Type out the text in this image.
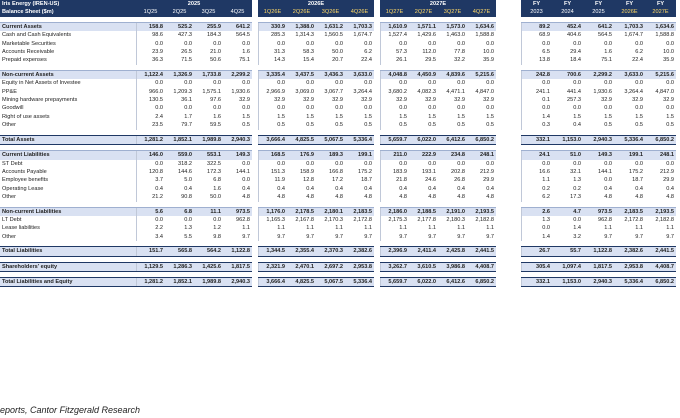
Iris Energy (IREN-US)	2025					2026E					2027E					FY	FY	FY	FY	FY
Balance Sheet ($m)	1Q25	2Q25	3Q25	4Q25		1Q26E	2Q26E	3Q26E	4Q26E		1Q27E	2Q27E	3Q27E	4Q27E		2023	2024	2025	2026E	2027E

Current Assets	158.8	525.2	255.9	641.2		330.9	1,388.0	1,631.2	1,703.3		1,610.9	1,571.1	1,573.0	1,634.6		89.2	452.4	641.2	1,703.3	1,634.6
Cash and Cash Equivalents	98.6	427.3	184.3	564.5		285.3	1,314.3	1,560.5	1,674.7		1,527.4	1,429.6	1,463.0	1,588.8		68.9	404.6	564.5	1,674.7	1,588.8
Marketable Securities	0.0	0.0	0.0	0.0		0.0	0.0	0.0	0.0		0.0	0.0	0.0	0.0		0.0	0.0	0.0	0.0	0.0
Accounts Receivable	23.9	26.5	21.0	1.6		31.3	58.3	50.0	6.2		57.3	112.0	77.8	10.0		6.5	29.4	1.6	6.2	10.0
Prepaid expenses	36.3	71.5	50.6	75.1		14.3	15.4	20.7	22.4		26.1	29.5	32.2	35.9		13.8	18.4	75.1	22.4	35.9

Non-current Assets	1,122.4	1,326.9	1,733.8	2,299.2		3,335.4	3,437.5	3,436.3	3,633.0		4,048.8	4,450.9	4,839.6	5,215.6		242.8	700.6	2,299.2	3,633.0	5,215.6
Equity in Net Assets of Investee	0.0	0.0	0.0	0.0		0.0	0.0	0.0	0.0		0.0	0.0	0.0	0.0		0.0	0.0	0.0	0.0	0.0
PP&E	966.0	1,209.3	1,575.1	1,930.6		2,966.9	3,069.0	3,067.7	3,264.4		3,680.2	4,082.3	4,471.1	4,847.0		241.1	441.4	1,930.6	3,264.4	4,847.0
Mining hardware prepayments	130.5	36.1	97.6	32.9		32.9	32.9	32.9	32.9		32.9	32.9	32.9	32.9		0.1	257.3	32.9	32.9	32.9
Goodwill	0.0	0.0	0.0	0.0		0.0	0.0	0.0	0.0		0.0	0.0	0.0	0.0		0.0	0.0	0.0	0.0	0.0
Right of use assets	2.4	1.7	1.6	1.5		1.5	1.5	1.5	1.5		1.5	1.5	1.5	1.5		1.4	1.5	1.5	1.5	1.5
Other	23.5	79.7	59.5	0.5		0.5	0.5	0.5	0.5		0.5	0.5	0.5	0.5		0.3	0.4	0.5	0.5	0.5

Total Assets	1,281.2	1,852.1	1,989.8	2,940.3		3,666.4	4,825.5	5,067.5	5,336.4		5,659.7	6,022.0	6,412.6	6,850.2		332.1	1,153.0	2,940.3	5,336.4	6,850.2

Current Liabilities	146.0	559.0	553.1	149.3		168.5	176.9	189.3	199.1		211.0	222.9	234.8	248.1		24.1	51.0	149.3	199.1	248.1
ST Debt	0.0	318.2	322.5	0.0		0.0	0.0	0.0	0.0		0.0	0.0	0.0	0.0		0.0	0.0	0.0	0.0	0.0
Accounts Payable	120.8	144.6	172.3	144.1		151.3	158.9	166.8	175.2		183.9	193.1	202.8	212.9		16.6	32.1	144.1	175.2	212.9
Employee benefits	3.7	5.0	6.8	0.0		11.9	12.8	17.2	18.7		21.8	24.6	26.8	29.9		1.1	1.3	0.0	18.7	29.9
Operating Lease	0.4	0.4	1.6	0.4		0.4	0.4	0.4	0.4		0.4	0.4	0.4	0.4		0.2	0.2	0.4	0.4	0.4
Other	21.2	90.8	50.0	4.8		4.8	4.8	4.8	4.8		4.8	4.8	4.8	4.8		6.2	17.3	4.8	4.8	4.8

Non-current Liabilities	5.6	6.8	11.1	973.5		1,176.0	2,178.5	2,180.1	2,183.5		2,186.0	2,188.5	2,191.0	2,193.5		2.6	4.7	973.5	2,183.5	2,193.5
LT Debt	0.0	0.0	0.0	962.8		1,165.3	2,167.8	2,170.3	2,172.8		2,175.3	2,177.8	2,180.3	2,182.8		1.3	0.0	962.8	2,172.8	2,182.8
Lease liabilities	2.2	1.3	1.2	1.1		1.1	1.1	1.1	1.1		1.1	1.1	1.1	1.1		0.0	1.4	1.1	1.1	1.1
Other	3.4	5.5	9.8	9.7		9.7	9.7	9.7	9.7		9.7	9.7	9.7	9.7		1.4	3.2	9.7	9.7	9.7

Total Liabilities	151.7	565.8	564.2	1,122.8		1,344.5	2,355.4	2,370.3	2,382.6		2,396.9	2,411.4	2,425.8	2,441.5		26.7	55.7	1,122.8	2,382.6	2,441.5

Shareholders' equity	1,129.5	1,286.3	1,425.6	1,817.5		2,321.9	2,470.1	2,697.2	2,953.8		3,262.7	3,610.5	3,986.8	4,408.7		305.4	1,097.4	1,817.5	2,953.8	4,408.7

Total Liabilities and Equity	1,281.2	1,852.1	1,989.8	2,940.3		3,666.4	4,825.5	5,067.5	5,336.4		5,659.7	6,022.0	6,412.6	6,850.2		332.1	1,153.0	2,940.3	5,336.4	6,850.2
eports, Cantor Fitzgerald Research
